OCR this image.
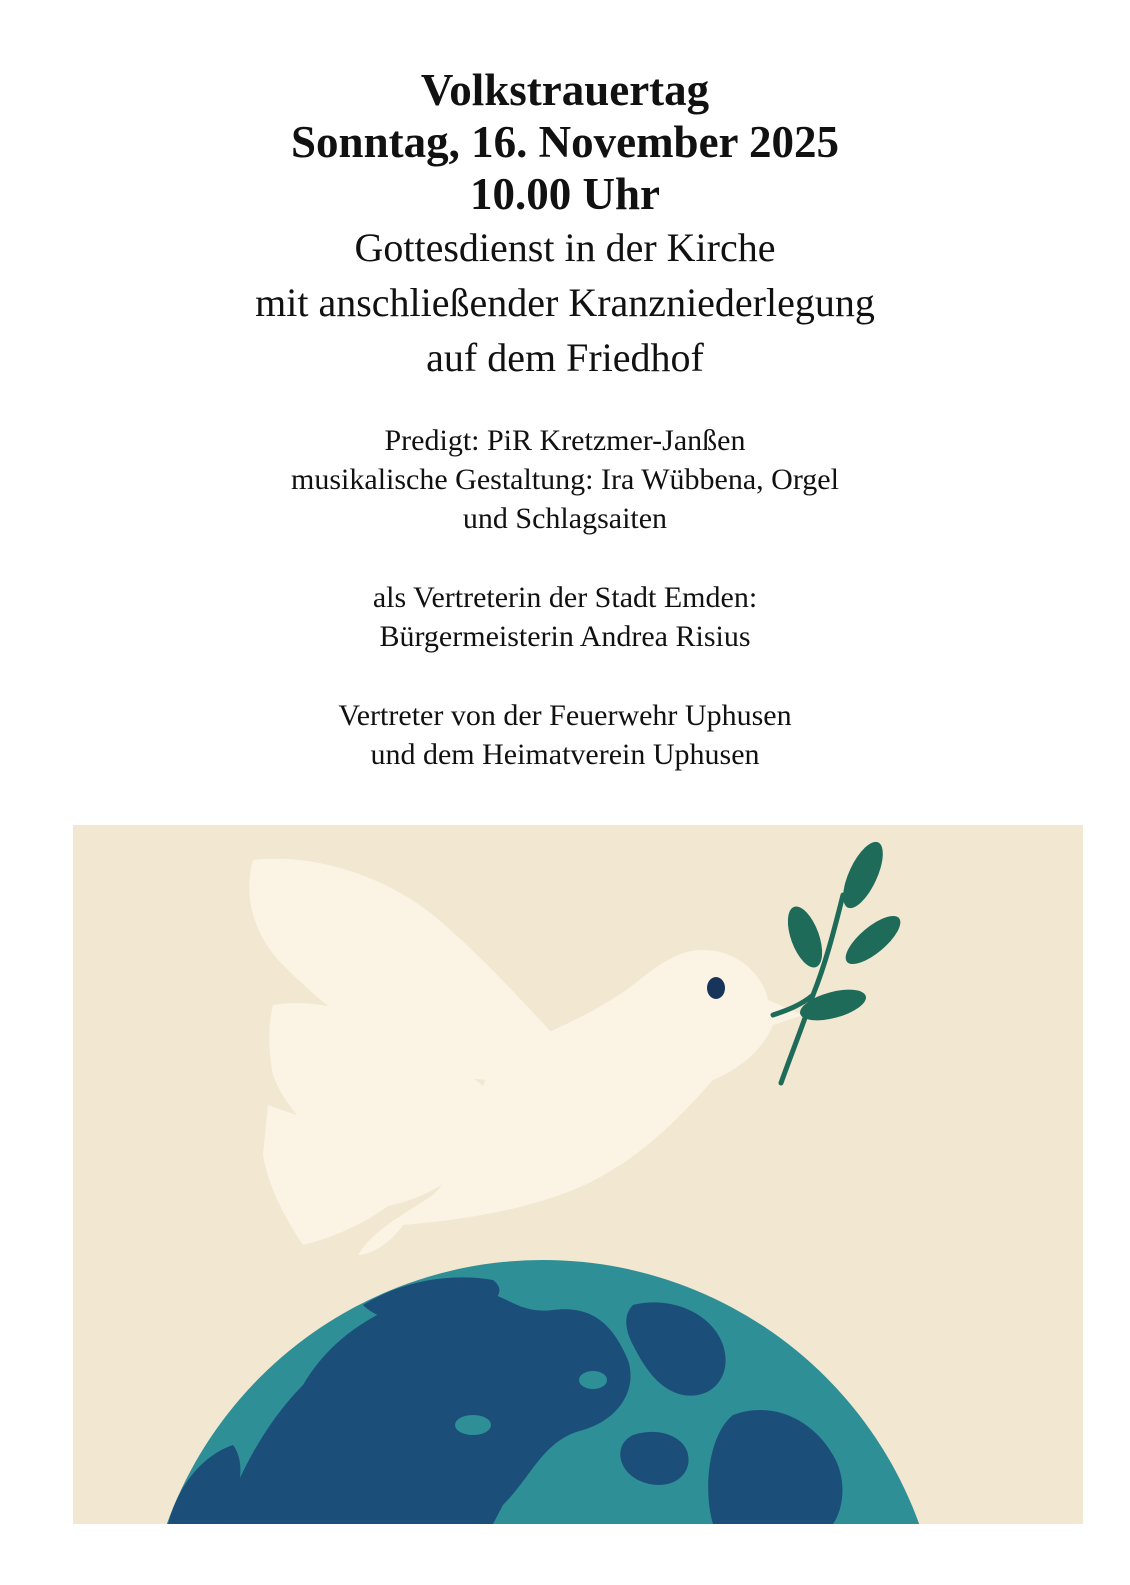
Volkstrauertag

Sonntag, 16. November 2025

10.00 Uhr

Gottesdienst in der Kirche

mit anschließender Kranzniederlegung

auf dem Friedhof

Predigt: PiR Kretzmer-Janßen

musikalische Gestaltung: Ira Wübbena, Orgel

und Schlagsaiten

als Vertreterin der Stadt Emden:

Bürgermeisterin Andrea Risius

Vertreter von der Feuerwehr Uphusen

und dem Heimatverein Uphusen
